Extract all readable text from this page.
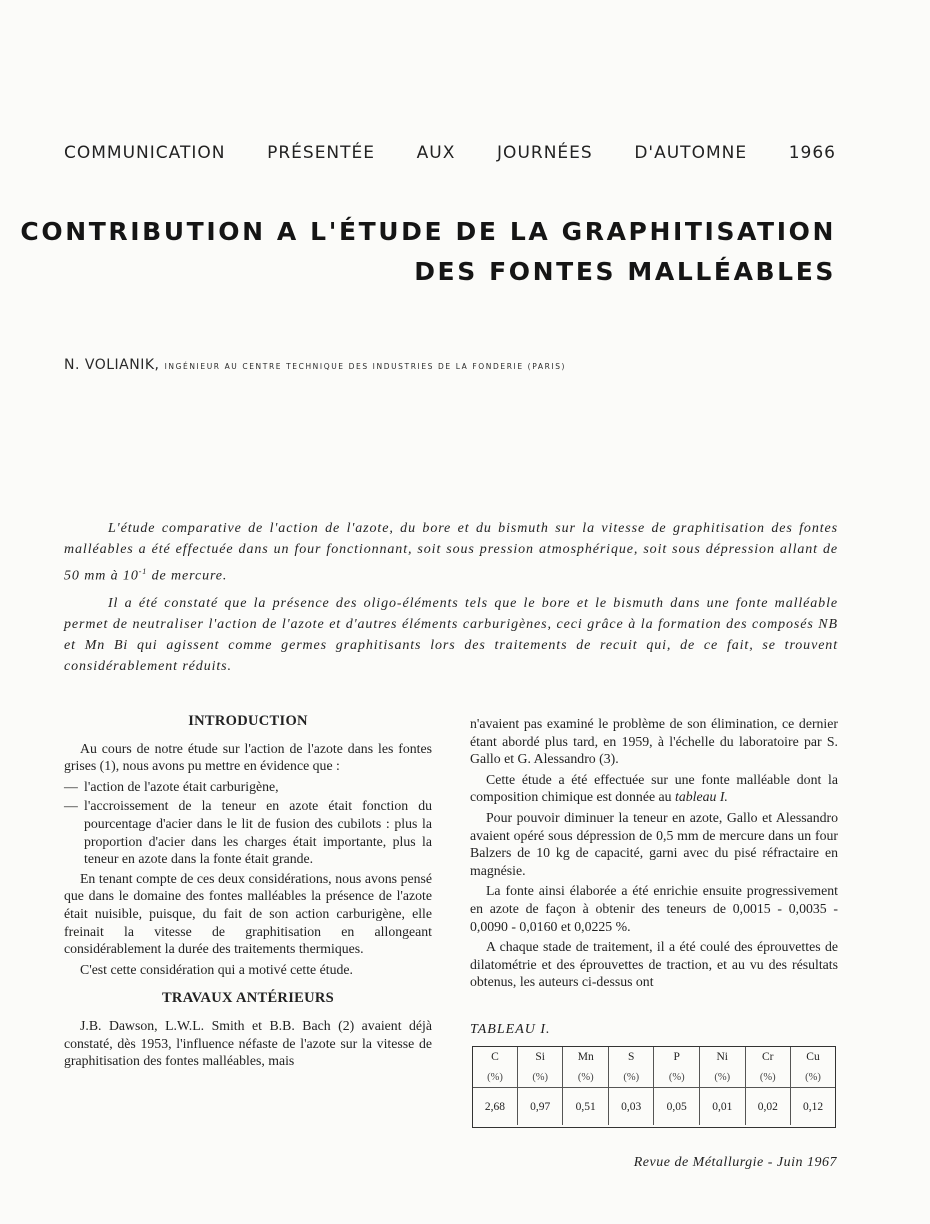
COMMUNICATION PRÉSENTÉE AUX JOURNÉES D'AUTOMNE 1966
CONTRIBUTION A L'ÉTUDE DE LA GRAPHITISATION
DES FONTES MALLÉABLES
N. VOLIANIK, INGÉNIEUR AU CENTRE TECHNIQUE DES INDUSTRIES DE LA FONDERIE (PARIS)

L'étude comparative de l'action de l'azote, du bore et du bismuth sur la vitesse de graphitisation des fontes malléables a été effectuée dans un four fonctionnant, soit sous pression atmosphérique, soit sous dépression allant de 50 mm à $10^{-1}$ de mercure.

Il a été constaté que la présence des oligo-éléments tels que le bore et le bismuth dans une fonte malléable permet de neutraliser l'action de l'azote et d'autres éléments carburigènes, ceci grâce à la formation des composés NB et Mn Bi qui agissent comme germes graphitisants lors des traitements de recuit qui, de ce fait, se trouvent considérablement réduits.

INTRODUCTION

Au cours de notre étude sur l'action de l'azote dans les fontes grises (1), nous avons pu mettre en évidence que :

— l'action de l'azote était carburigène,
— l'accroissement de la teneur en azote était fonction du pourcentage d'acier dans le lit de fusion des cubilots : plus la proportion d'acier dans les charges était importante, plus la teneur en azote dans la fonte était grande.

En tenant compte de ces deux considérations, nous avons pensé que dans le domaine des fontes malléables la présence de l'azote était nuisible, puisque, du fait de son action carburigène, elle freinait la vitesse de graphitisation en allongeant considérablement la durée des traitements thermiques.

C'est cette considération qui a motivé cette étude.

TRAVAUX ANTÉRIEURS

J.B. Dawson, L.W.L. Smith et B.B. Bach (2) avaient déjà constaté, dès 1953, l'influence néfaste de l'azote sur la vitesse de graphitisation des fontes malléables, mais

n'avaient pas examiné le problème de son élimination, ce dernier étant abordé plus tard, en 1959, à l'échelle du laboratoire par S. Gallo et G. Alessandro (3).

Cette étude a été effectuée sur une fonte malléable dont la composition chimique est donnée au tableau I.

Pour pouvoir diminuer la teneur en azote, Gallo et Alessandro avaient opéré sous dépression de 0,5 mm de mercure dans un four Balzers de 10 kg de capacité, garni avec du pisé réfractaire en magnésie.

La fonte ainsi élaborée a été enrichie ensuite progressivement en azote de façon à obtenir des teneurs de 0,0015 - 0,0035 - 0,0090 - 0,0160 et 0,0225 %.

A chaque stade de traitement, il a été coulé des éprouvettes de dilatométrie et des éprouvettes de traction, et au vu des résultats obtenus, les auteurs ci-dessus ont

TABLEAU I.
C	Si	Mn	S	P	Ni	Cr	Cu
(%)	(%)	(%)	(%)	(%)	(%)	(%)	(%)
2,68	0,97	0,51	0,03	0,05	0,01	0,02	0,12
Revue de Métallurgie - Juin 1967
